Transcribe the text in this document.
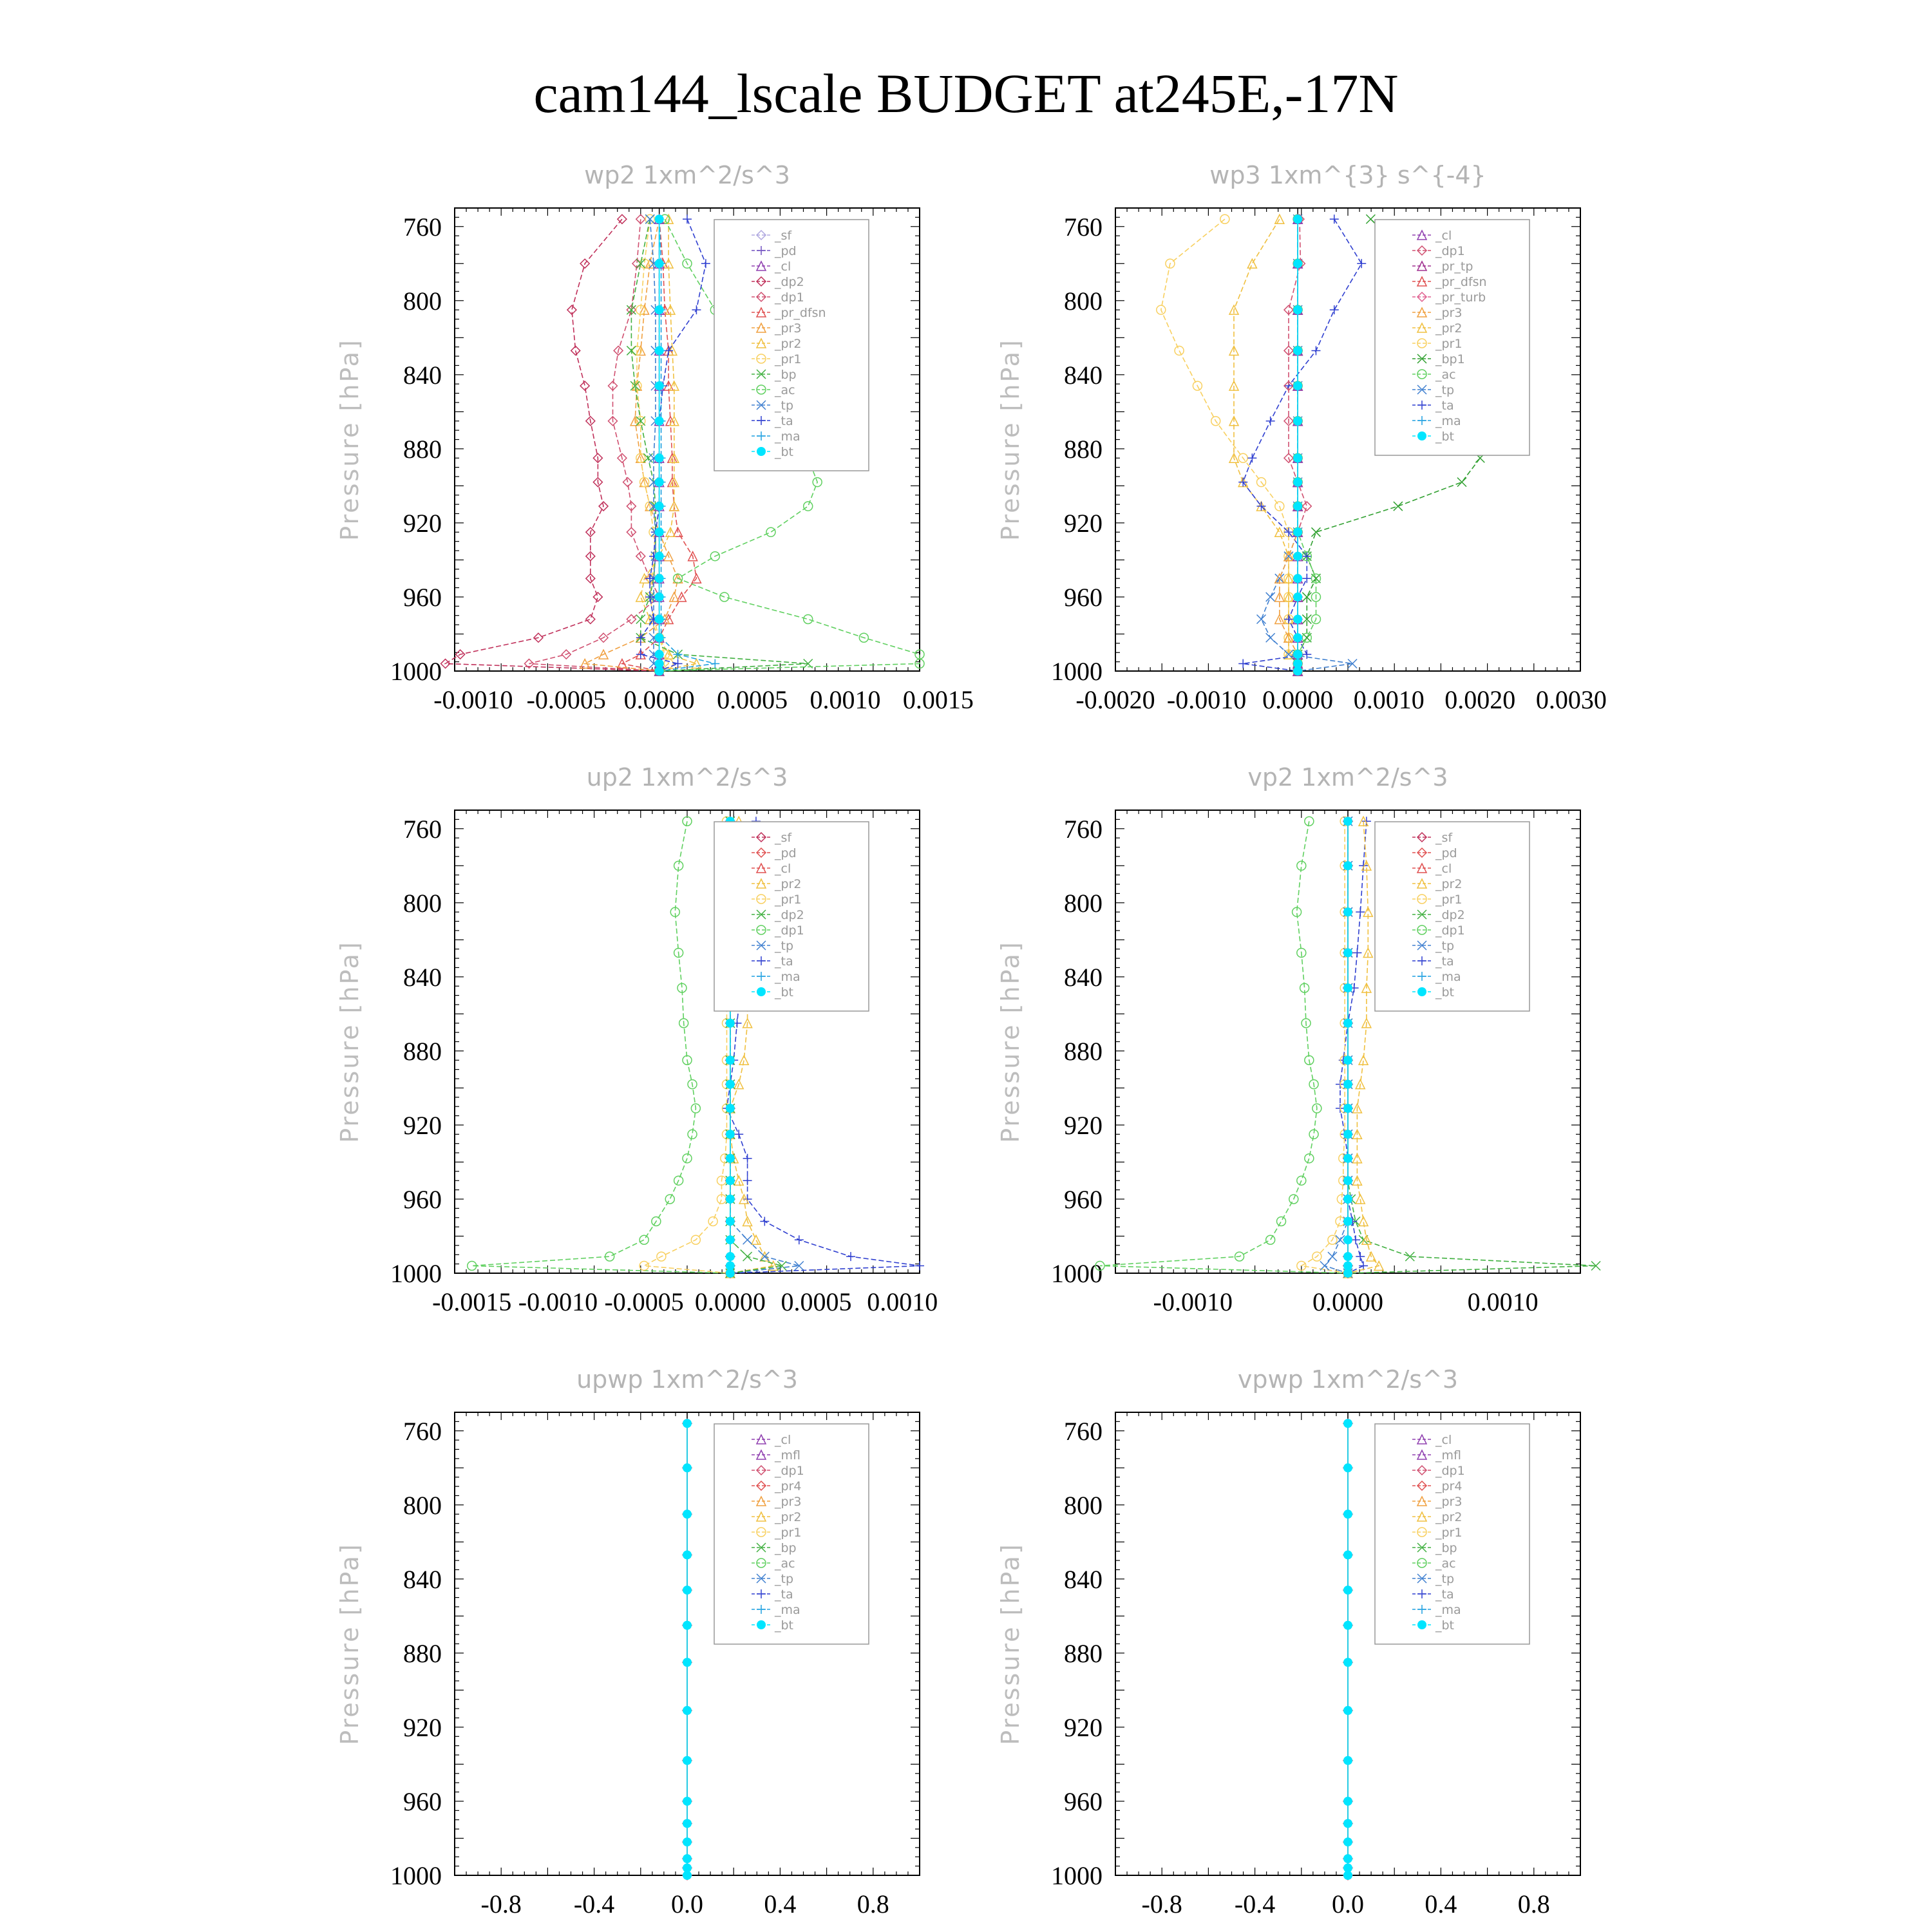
cam144_lscale BUDGET at245E,-17N
760
800
840
880
920
960
1000
-0.0010 -0.0005 0.0000 0.0005 0.0010 0.0015
wp2 1xm^2/s^3
Pressure [hPa]
_sf
_pd
_cl
_dp2
_dp1
_pr_dfsn
_pr3
_pr2
_pr1
_bp
_ac
_tp
_ta
_ma
_bt
760
800
840
880
920
960
1000
-0.0020 -0.0010 0.0000 0.0010 0.0020 0.0030
wp3 1xm^{3} s^{-4}
Pressure [hPa]
_cl
_dp1
_pr_tp
_pr_dfsn
_pr_turb
_pr3
_pr2
_pr1
_bp1
_ac
_tp
_ta
_ma
_bt
760
800
840
880
920
960
1000
-0.0015 -0.0010 -0.0005 0.0000 0.0005 0.0010
up2 1xm^2/s^3
Pressure [hPa]
_sf
_pd
_cl
_pr2
_pr1
_dp2
_dp1
_tp
_ta
_ma
_bt
760
800
840
880
920
960
1000
-0.0010	0.0000	0.0010
vp2 1xm^2/s^3
Pressure [hPa]
_sf
_pd
_cl
_pr2
_pr1
_dp2
_dp1
_tp
_ta
_ma
_bt
760
800
840
880
920
960
1000
-0.8 -0.4 0.0 0.4 0.8
upwp 1xm^2/s^3
Pressure [hPa]
_cl
_mfl
_dp1
_pr4
_pr3
_pr2
_pr1
_bp
_ac
_tp
_ta
_ma
_bt
760
800
840
880
920
960
1000
-0.8 -0.4 0.0 0.4 0.8
vpwp 1xm^2/s^3
Pressure [hPa]
_cl
_mfl
_dp1
_pr4
_pr3
_pr2
_pr1
_bp
_ac
_tp
_ta
_ma
_bt
